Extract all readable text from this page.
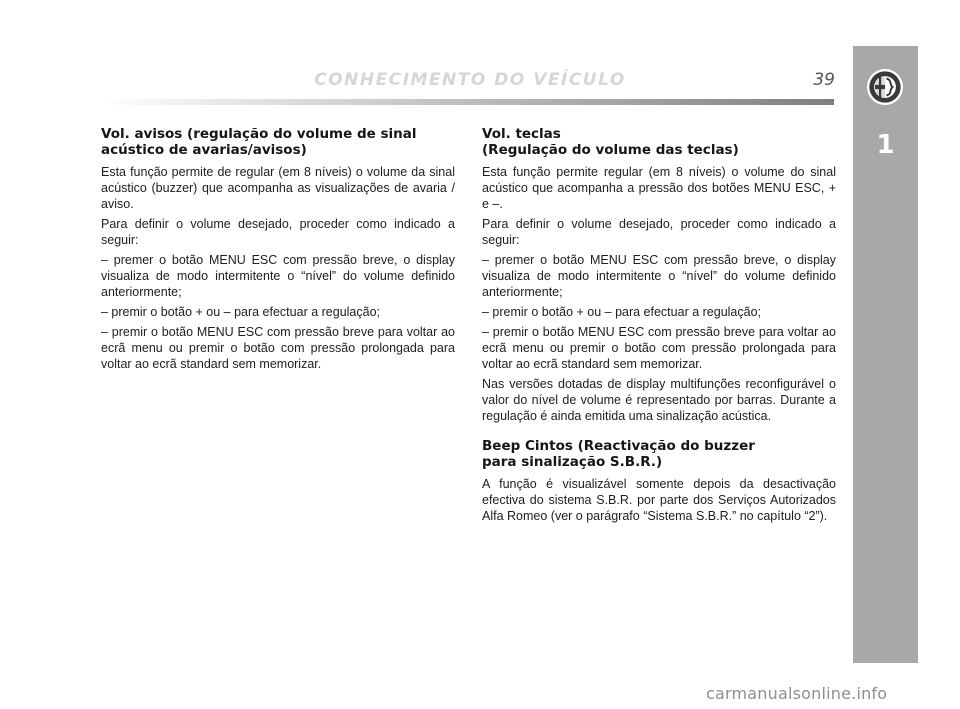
CONHECIMENTO DO VEÍCULO	39
1
Vol. avisos (regulação do volume de sinal
acústico de avarias/avisos)

Esta função permite de regular (em 8 níveis) o volume da sinal acústico (buzzer) que acompanha as visualizações de avaria / aviso.

Para definir o volume desejado, proceder como indicado a seguir:

– premer o botão MENU ESC com pressão breve, o display visualiza de modo intermitente o “nível” do volume definido anteriormente;

– premir o botão + ou – para efectuar a regulação;

– premir o botão MENU ESC com pressão breve para voltar ao ecrã menu ou premir o botão com pressão prolongada para voltar ao ecrã standard sem memorizar.

Vol. teclas
(Regulação do volume das teclas)

Esta função permite regular (em 8 níveis) o volume do sinal acústico que acompanha a pressão dos botões MENU ESC, + e –.

Para definir o volume desejado, proceder como indicado a seguir:

– premer o botão MENU ESC com pressão breve, o display visualiza de modo intermitente o “nível” do volume definido anteriormente;

– premir o botão + ou – para efectuar a regulação;

– premir o botão MENU ESC com pressão breve para voltar ao ecrã menu ou premir o botão com pressão prolongada para voltar ao ecrã standard sem memorizar.

Nas versões dotadas de display multifunções reconfigurável o valor do nível de volume é representado por barras. Durante a regulação é ainda emitida uma sinalização acústica.

Beep Cintos (Reactivação do buzzer
para sinalização S.B.R.)

A função é visualizável somente depois da desactivação efectiva do sistema S.B.R. por parte dos Serviços Autorizados Alfa Romeo (ver o parágrafo “Sistema S.B.R.” no capítulo “2”).

carmanualsonline.info
